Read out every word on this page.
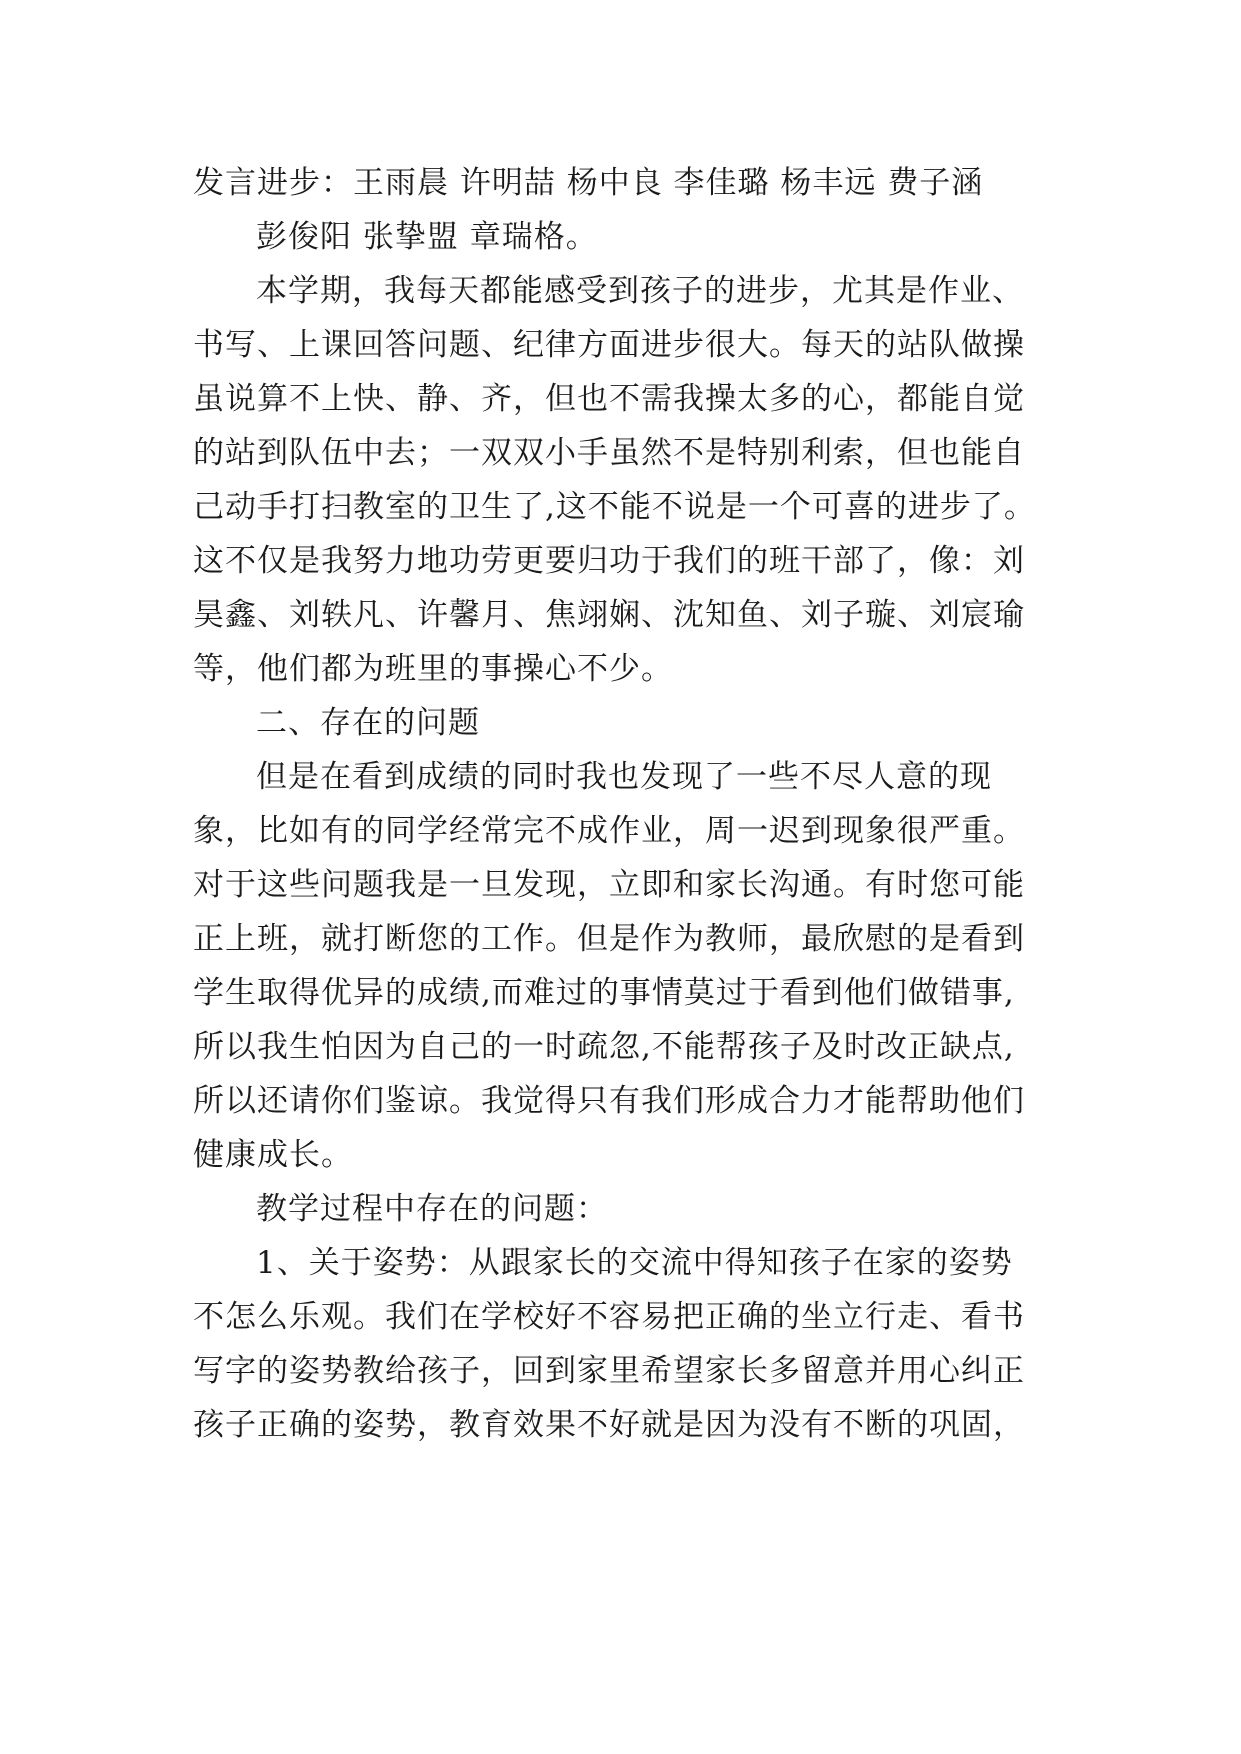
发言进步：王雨晨 许明喆 杨中良 李佳璐 杨丰远 费子涵
彭俊阳 张挚盟 章瑞格。
本学期，我每天都能感受到孩子的进步，尤其是作业、
书写、上课回答问题、纪律方面进步很大。每天的站队做操
虽说算不上快、静、齐，但也不需我操太多的心，都能自觉
的站到队伍中去；一双双小手虽然不是特别利索，但也能自
己动手打扫教室的卫生了,这不能不说是一个可喜的进步了。
这不仅是我努力地功劳更要归功于我们的班干部了，像：刘
昊鑫、刘轶凡、许馨月、焦翊娴、沈知鱼、刘子璇、刘宸瑜
等，他们都为班里的事操心不少。
二、存在的问题
但是在看到成绩的同时我也发现了一些不尽人意的现
象，比如有的同学经常完不成作业，周一迟到现象很严重。
对于这些问题我是一旦发现，立即和家长沟通。有时您可能
正上班，就打断您的工作。但是作为教师，最欣慰的是看到
学生取得优异的成绩,而难过的事情莫过于看到他们做错事,
所以我生怕因为自己的一时疏忽,不能帮孩子及时改正缺点,
所以还请你们鉴谅。我觉得只有我们形成合力才能帮助他们
健康成长。
教学过程中存在的问题：
1、关于姿势：从跟家长的交流中得知孩子在家的姿势
不怎么乐观。我们在学校好不容易把正确的坐立行走、看书
写字的姿势教给孩子，回到家里希望家长多留意并用心纠正
孩子正确的姿势，教育效果不好就是因为没有不断的巩固，
